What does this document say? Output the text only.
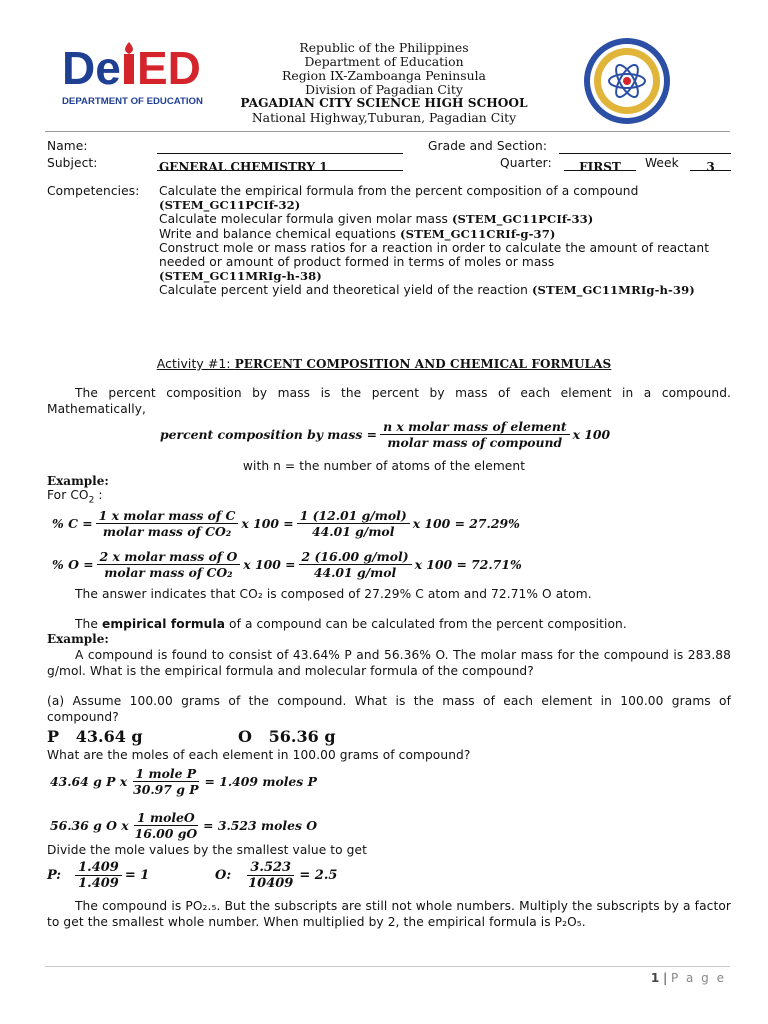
De ED
DEPARTMENT OF EDUCATION
Republic of the Philippines
Department of Education
Region IX-Zamboanga Peninsula
Division of Pagadian City
PAGADIAN CITY SCIENCE HIGH SCHOOL
National Highway,Tuburan, Pagadian City
Name:	Grade and Section:
Subject:	GENERAL CHEMISTRY 1	Quarter:	FIRST	Week	3
Competencies: Calculate the empirical formula from the percent composition of a compound
(STEM_GC11PCIf-32)
Calculate molecular formula given molar mass (STEM_GC11PCIf-33)
Write and balance chemical equations (STEM_GC11CRIf-g-37)
Construct mole or mass ratios for a reaction in order to calculate the amount of reactant needed or amount of product formed in terms of moles or mass
(STEM_GC11MRIg-h-38)
Calculate percent yield and theoretical yield of the reaction (STEM_GC11MRIg-h-39)
Activity #1: PERCENT COMPOSITION AND CHEMICAL FORMULAS
The percent composition by mass is the percent by mass of each element in a compound. Mathematically,
percent composition by mass = $\frac{\text{n x molar mass of element}}{\text{molar mass of compound}}$ x 100
with n = the number of atoms of the element
Example:
For $CO_2$ :
% $C = \frac{\text{1 x molar mass of C}}{\text{molar mass of CO₂}}$ x $100 = \frac{\text{1 (12.01 g/mol)}}{\text{44.01 g/mol}}$ x 100 = 27.29%
% $O = \frac{\text{2 x molar mass of O}}{\text{molar mass of CO₂}}$ x $100 = \frac{\text{2 (16.00 g/mol)}}{\text{44.01 g/mol}}$ x 100 = 72.71%
The answer indicates that CO₂ is composed of 27.29% C atom and 72.71% O atom.
The empirical formula of a compound can be calculated from the percent composition.
Example:
A compound is found to consist of 43.64% P and 56.36% O. The molar mass for the compound is 283.88 g/mol. What is the empirical formula and molecular formula of the compound?
(a) Assume 100.00 grams of the compound. What is the mass of each element in 100.00 grams of compound?
P   43.64 g	O   56.36 g
What are the moles of each element in 100.00 grams of compound?
43.64 g P x $\frac{\text{1 mole P}}{\text{30.97 g P}} = 1.409$ moles P
56.36 g O x $\frac{\text{1 moleO}}{16.00 gO} = 3.523$ moles O
Divide the mole values by the smallest value to get
P: $\frac{1.409}{1.409} = 1$	O: $\frac{3.523}{10409} = 2.5$
The compound is PO₂.₅. But the subscripts are still not whole numbers. Multiply the subscripts by a factor to get the smallest whole number. When multiplied by 2, the empirical formula is P₂O₅.
1 | P a g e
